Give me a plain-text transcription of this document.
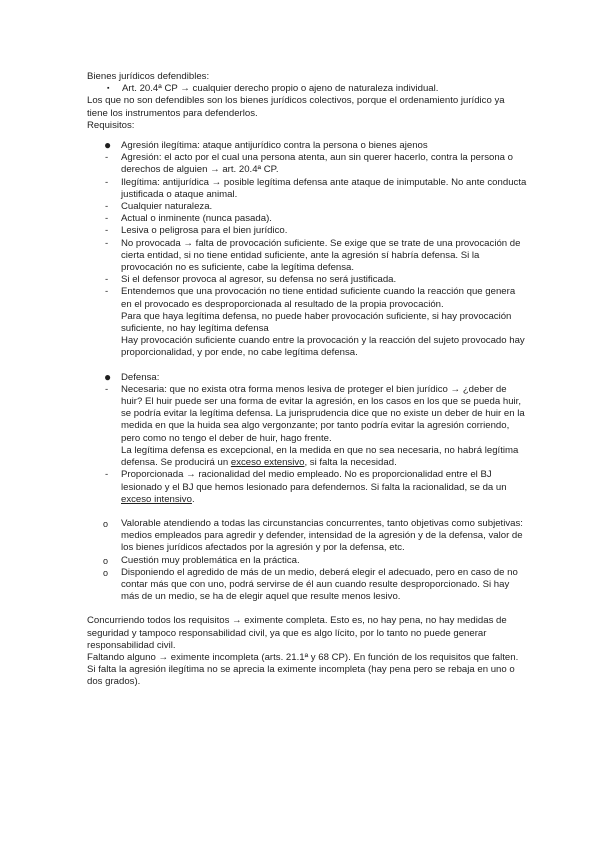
Bienes jurídicos defendibles:

▪ Art. 20.4ª CP → cualquier derecho propio o ajeno de naturaleza individual.

Los que no son defendibles son los bienes jurídicos colectivos, porque el ordenamiento jurídico ya tiene los instrumentos para defenderlos.

Requisitos:

● Agresión ilegítima: ataque antijurídico contra la persona o bienes ajenos
- Agresión: el acto por el cual una persona atenta, aun sin querer hacerlo, contra la persona o derechos de alguien → art. 20.4ª CP.
- Ilegítima: antijurídica → posible legítima defensa ante ataque de inimputable. No ante conducta justificada o ataque animal.
- Cualquier naturaleza.
- Actual o inminente (nunca pasada).
- Lesiva o peligrosa para el bien jurídico.
- No provocada → falta de provocación suficiente. Se exige que se trate de una provocación de cierta entidad, si no tiene entidad suficiente, ante la agresión sí habría defensa. Si la provocación no es suficiente, cabe la legítima defensa.
- Si el defensor provoca al agresor, su defensa no será justificada.
- Entendemos que una provocación no tiene entidad suficiente cuando la reacción que genera en el provocado es desproporcionada al resultado de la propia provocación.
Para que haya legítima defensa, no puede haber provocación suficiente, si hay provocación suficiente, no hay legítima defensa
Hay provocación suficiente cuando entre la provocación y la reacción del sujeto provocado hay proporcionalidad, y por ende, no cabe legítima defensa.
● Defensa:
- Necesaria: que no exista otra forma menos lesiva de proteger el bien jurídico → ¿deber de huir? El huir puede ser una forma de evitar la agresión, en los casos en los que se pueda huir, se podría evitar la legítima defensa. La jurisprudencia dice que no existe un deber de huir en la medida en que la huida sea algo vergonzante; por tanto podría evitar la agresión corriendo, pero como no tengo el deber de huir, hago frente.
La legítima defensa es excepcional, en la medida en que no sea necesaria, no habrá legítima defensa. Se producirá un exceso extensivo, si falta la necesidad.
- Proporcionada → racionalidad del medio empleado. No es proporcionalidad entre el BJ lesionado y el BJ que hemos lesionado para defendernos. Si falta la racionalidad, se da un exceso intensivo.
o Valorable atendiendo a todas las circunstancias concurrentes, tanto objetivas como subjetivas: medios empleados para agredir y defender, intensidad de la agresión y de la defensa, valor de los bienes jurídicos afectados por la agresión y por la defensa, etc.
o Cuestión muy problemática en la práctica.
o Disponiendo el agredido de más de un medio, deberá elegir el adecuado, pero en caso de no contar más que con uno, podrá servirse de él aun cuando resulte desproporcionado. Si hay más de un medio, se ha de elegir aquel que resulte menos lesivo.

Concurriendo todos los requisitos → eximente completa. Esto es, no hay pena, no hay medidas de seguridad y tampoco responsabilidad civil, ya que es algo lícito, por lo tanto no puede generar responsabilidad civil.

Faltando alguno → eximente incompleta (arts. 21.1ª y 68 CP). En función de los requisitos que falten. Si falta la agresión ilegítima no se aprecia la eximente incompleta (hay pena pero se rebaja en uno o dos grados).
